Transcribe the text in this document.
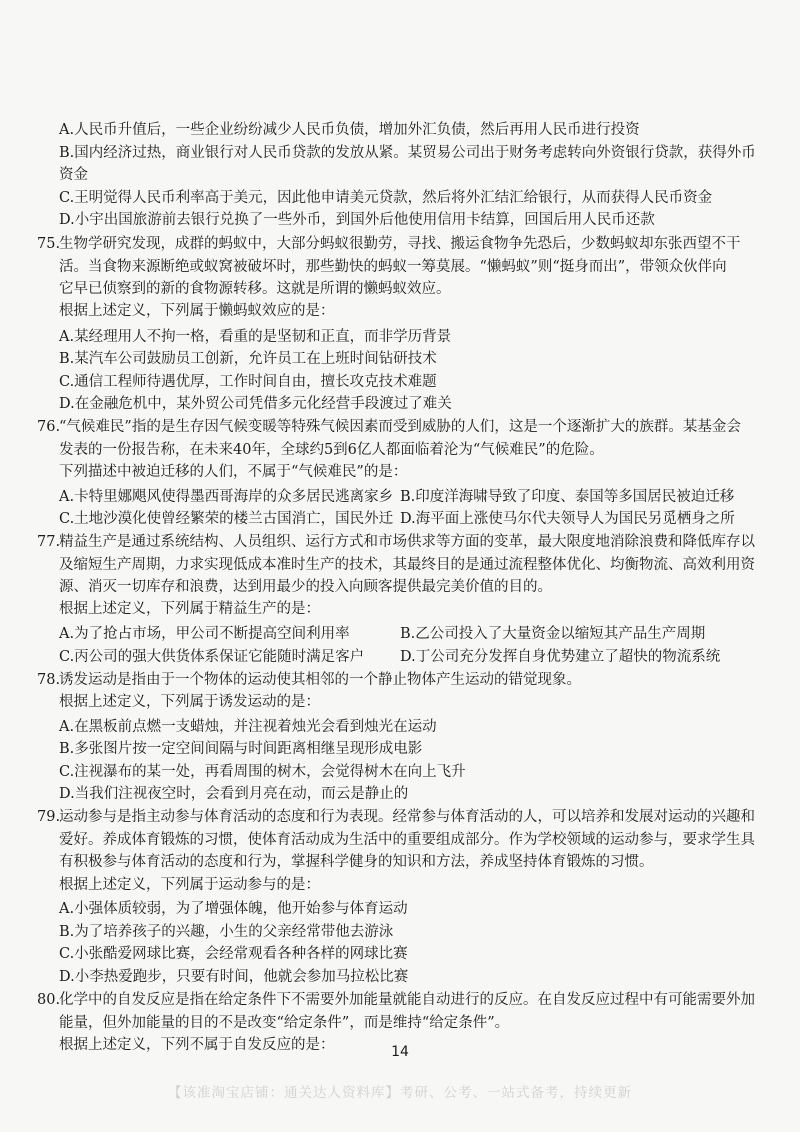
A.人民币升值后，一些企业纷纷减少人民币负债，增加外汇负债，然后再用人民币进行投资
B.国内经济过热，商业银行对人民币贷款的发放从紧。某贸易公司出于财务考虑转向外资银行贷款，获得外币
资金
C.王明觉得人民币利率高于美元，因此他申请美元贷款，然后将外汇结汇给银行，从而获得人民币资金
D.小宇出国旅游前去银行兑换了一些外币，到国外后他使用信用卡结算，回国后用人民币还款
75.
生物学研究发现，成群的蚂蚁中，大部分蚂蚁很勤劳，寻找、搬运食物争先恐后，少数蚂蚁却东张西望不干
活。当食物来源断绝或蚁窝被破坏时，那些勤快的蚂蚁一筹莫展。“懒蚂蚁”则“挺身而出”，带领众伙伴向
它早已侦察到的新的食物源转移。这就是所谓的懒蚂蚁效应。
根据上述定义，下列属于懒蚂蚁效应的是：
A.某经理用人不拘一格，看重的是坚韧和正直，而非学历背景
B.某汽车公司鼓励员工创新，允许员工在上班时间钻研技术
C.通信工程师待遇优厚，工作时间自由，擅长攻克技术难题
D.在金融危机中，某外贸公司凭借多元化经营手段渡过了难关
76.
“气候难民”指的是生存因气候变暖等特殊气候因素而受到威胁的人们，这是一个逐渐扩大的族群。某基金会
发表的一份报告称，在未来40年，全球约5到6亿人都面临着沦为“气候难民”的危险。
下列描述中被迫迁移的人们，不属于“气候难民”的是：
A.卡特里娜飓风使得墨西哥海岸的众多居民逃离家乡 B.印度洋海啸导致了印度、泰国等多国居民被迫迁移
C.土地沙漠化使曾经繁荣的楼兰古国消亡，国民外迁 D.海平面上涨使马尔代夫领导人为国民另觅栖身之所
77.
精益生产是通过系统结构、人员组织、运行方式和市场供求等方面的变革，最大限度地消除浪费和降低库存以
及缩短生产周期，力求实现低成本准时生产的技术，其最终目的是通过流程整体优化、均衡物流、高效利用资
源、消灭一切库存和浪费，达到用最少的投入向顾客提供最完美价值的目的。
根据上述定义，下列属于精益生产的是：
A.为了抢占市场，甲公司不断提高空间利用率	B.乙公司投入了大量资金以缩短其产品生产周期
C.丙公司的强大供货体系保证它能随时满足客户 D.丁公司充分发挥自身优势建立了超快的物流系统
78.
诱发运动是指由于一个物体的运动使其相邻的一个静止物体产生运动的错觉现象。
根据上述定义，下列属于诱发运动的是：
A.在黑板前点燃一支蜡烛，并注视着烛光会看到烛光在运动
B.多张图片按一定空间间隔与时间距离相继呈现形成电影
C.注视瀑布的某一处，再看周围的树木，会觉得树木在向上飞升
D.当我们注视夜空时，会看到月亮在动，而云是静止的
79.
运动参与是指主动参与体育活动的态度和行为表现。经常参与体育活动的人，可以培养和发展对运动的兴趣和
爱好。养成体育锻炼的习惯，使体育活动成为生活中的重要组成部分。作为学校领域的运动参与，要求学生具
有积极参与体育活动的态度和行为，掌握科学健身的知识和方法，养成坚持体育锻炼的习惯。
根据上述定义，下列属于运动参与的是：
A.小强体质较弱，为了增强体魄，他开始参与体育运动
B.为了培养孩子的兴趣，小生的父亲经常带他去游泳
C.小张酷爱网球比赛，会经常观看各种各样的网球比赛
D.小李热爱跑步，只要有时间，他就会参加马拉松比赛
80.
化学中的自发反应是指在给定条件下不需要外加能量就能自动进行的反应。在自发反应过程中有可能需要外加
能量，但外加能量的目的不是改变“给定条件”，而是维持“给定条件”。
根据上述定义，下列不属于自发反应的是：	14
【该准淘宝店铺：通关达人资料库】考研、公考、一站式备考，持续更新
